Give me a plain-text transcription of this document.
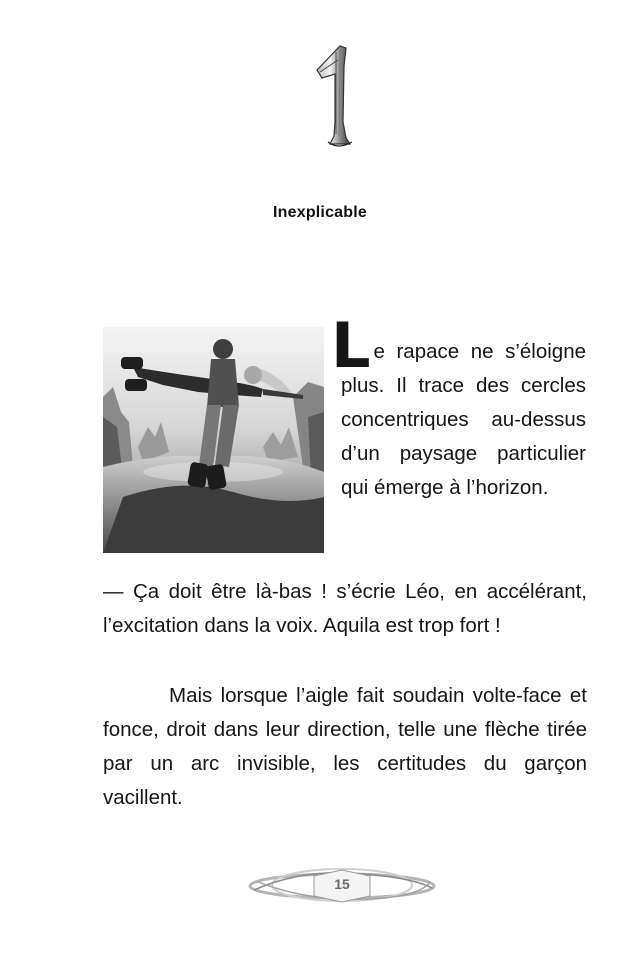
Inexplicable

Le rapace ne s’éloigne plus. Il trace des cercles concentriques au-dessus d’un paysage particulier qui émerge à l’horizon.

— Ça doit être là-bas ! s’écrie Léo, en accélérant, l’excitation dans la voix. Aquila est trop fort !

Mais lorsque l’aigle fait soudain volte-face et fonce, droit dans leur direction, telle une flèche tirée par un arc invisible, les certitudes du garçon vacillent.

15
